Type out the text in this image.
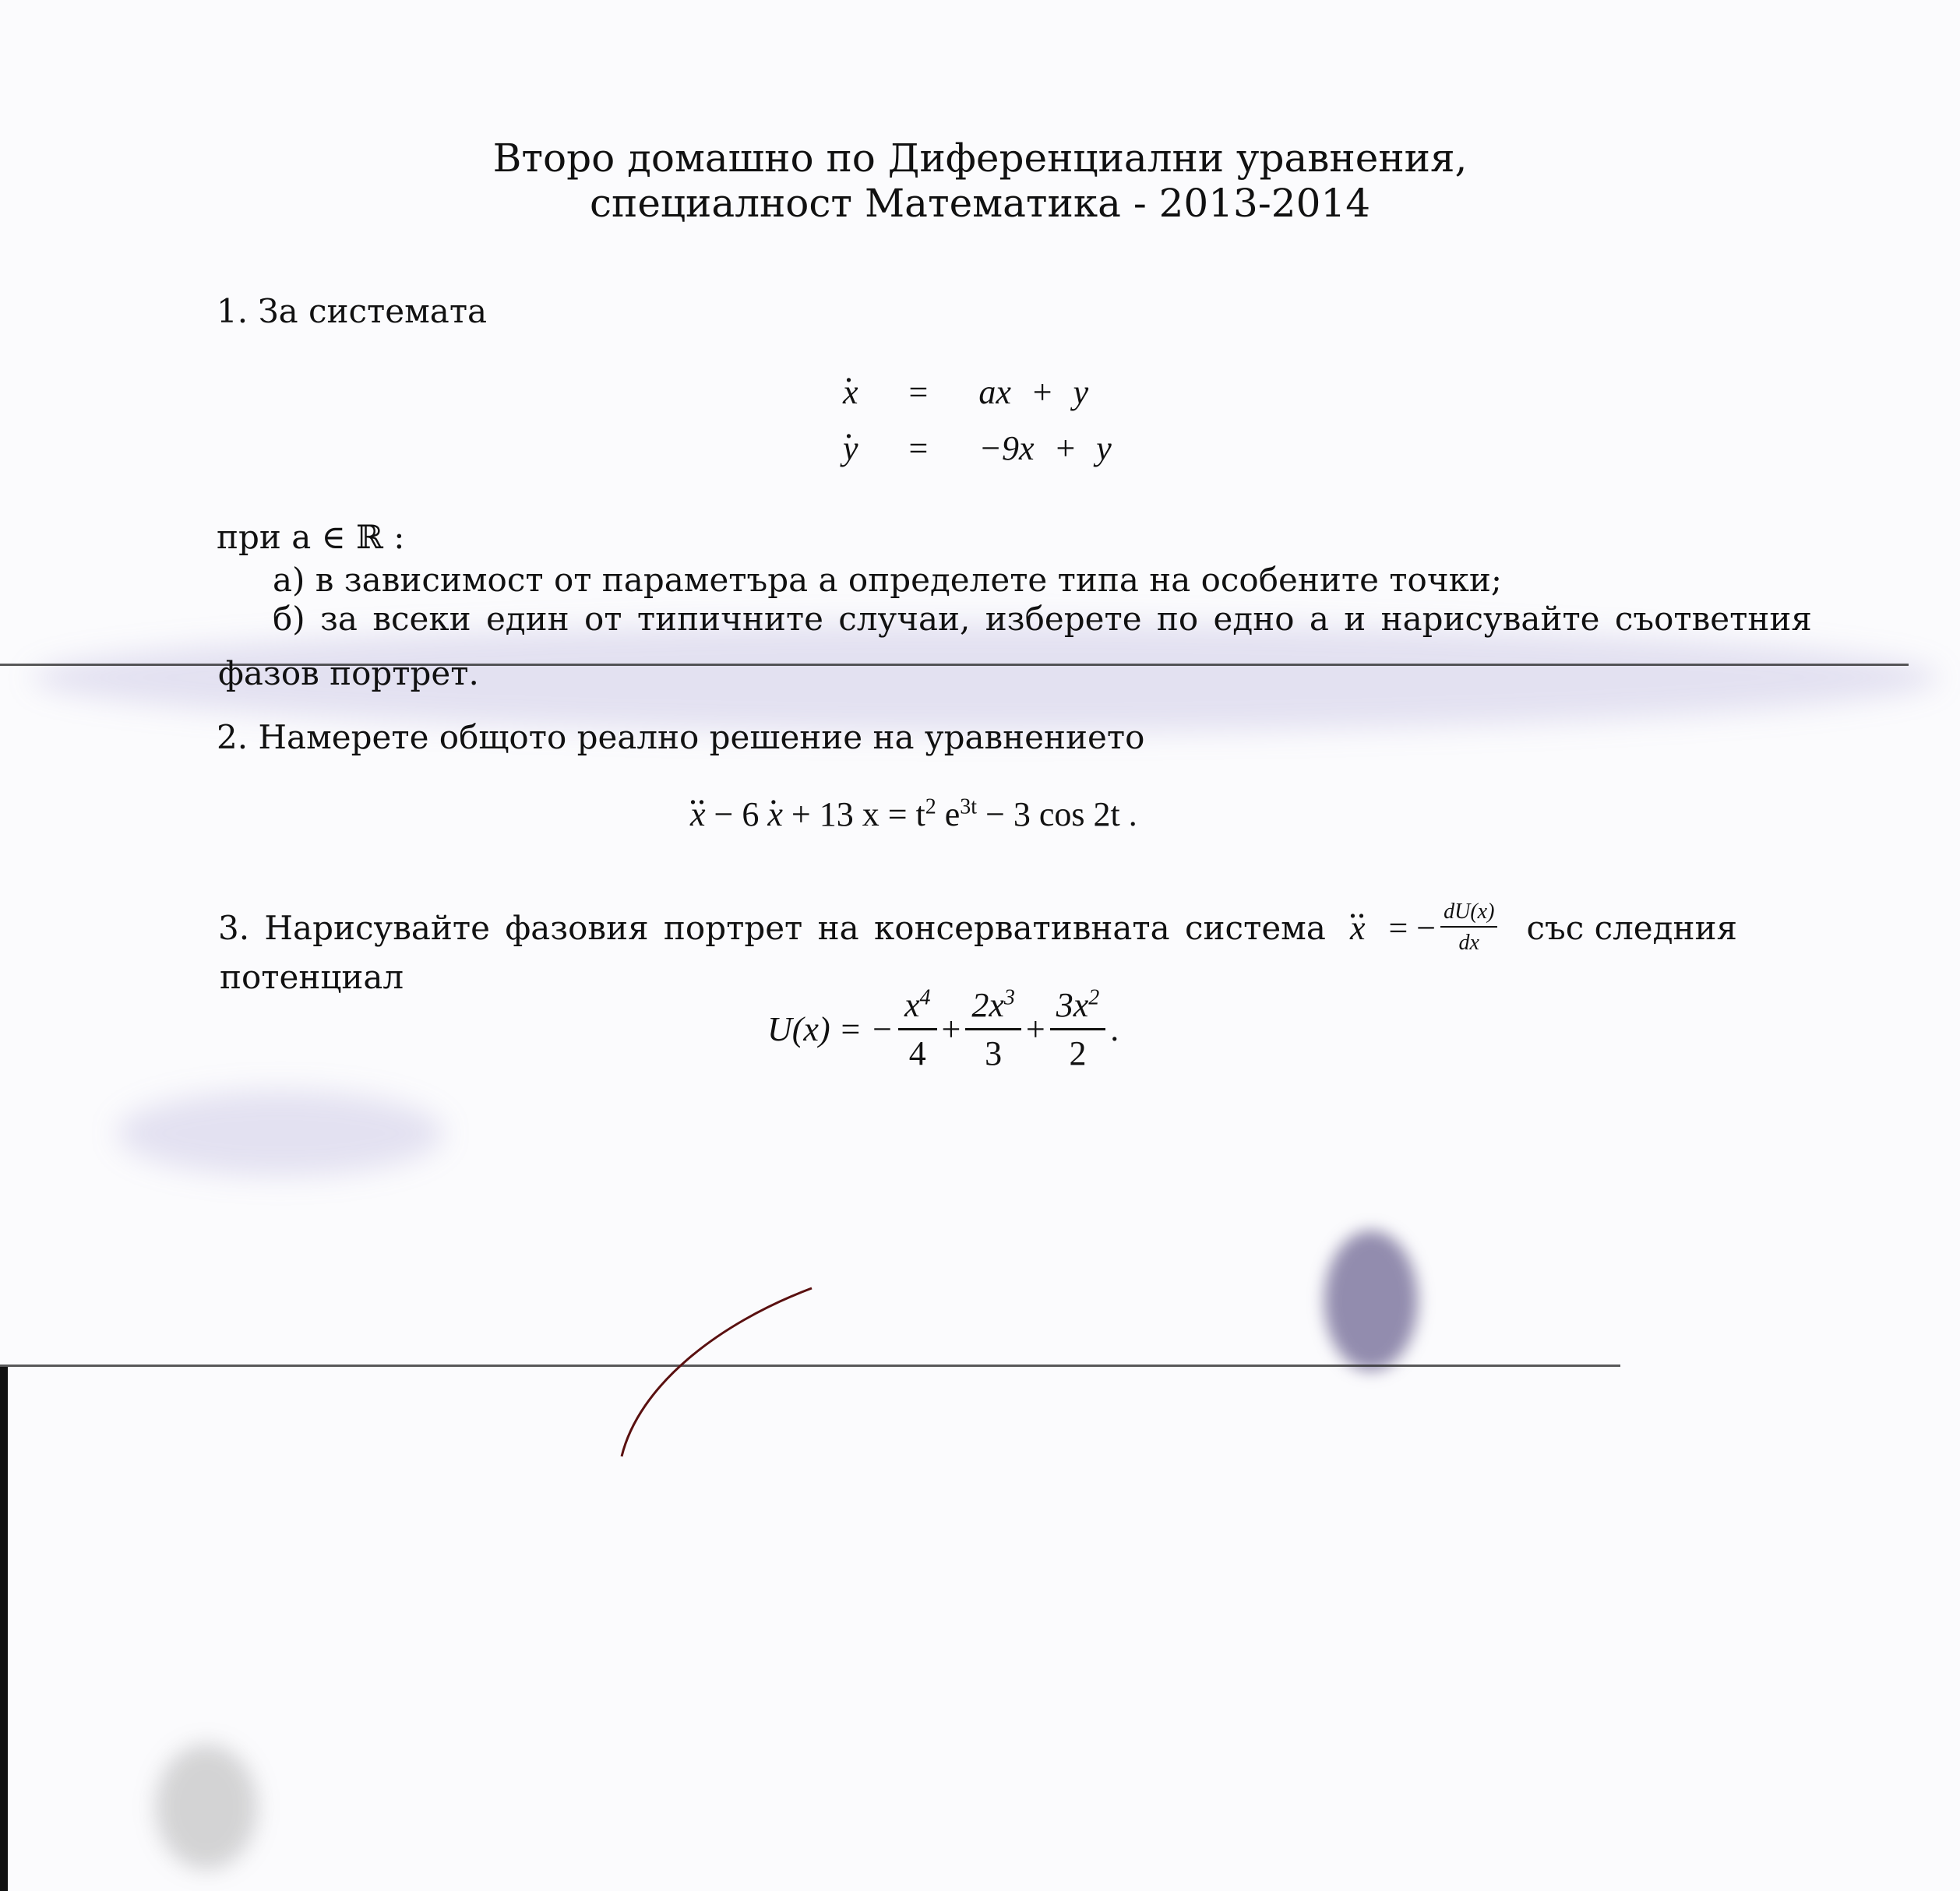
Второ домашно по Диференциални уравнения,
специалност Математика - 2013-2014
1. За системата
. x = ax + y
. y = −9x + y
при a ∈ ℝ :
а) в зависимост от параметъра a определете типа на особените точки;
б) за всеки един от типичните случаи, изберете по едно a и нарисувайте съответния
фазов портрет.
2. Намерете общото реално решение на уравнението
.. x − 6 . x + 13 $x = t^2$ $e^{3t} - 3$ cos 2t .
3. Нарисувайте фазовия портрет на консервативната система
.. x = − $\frac{dU(x)}{dx}$ със следния
потенциал
U(x) = − $\frac{x^4}{4} + \frac{2x^3}{3} + \frac{3x^2}{2}$ .
